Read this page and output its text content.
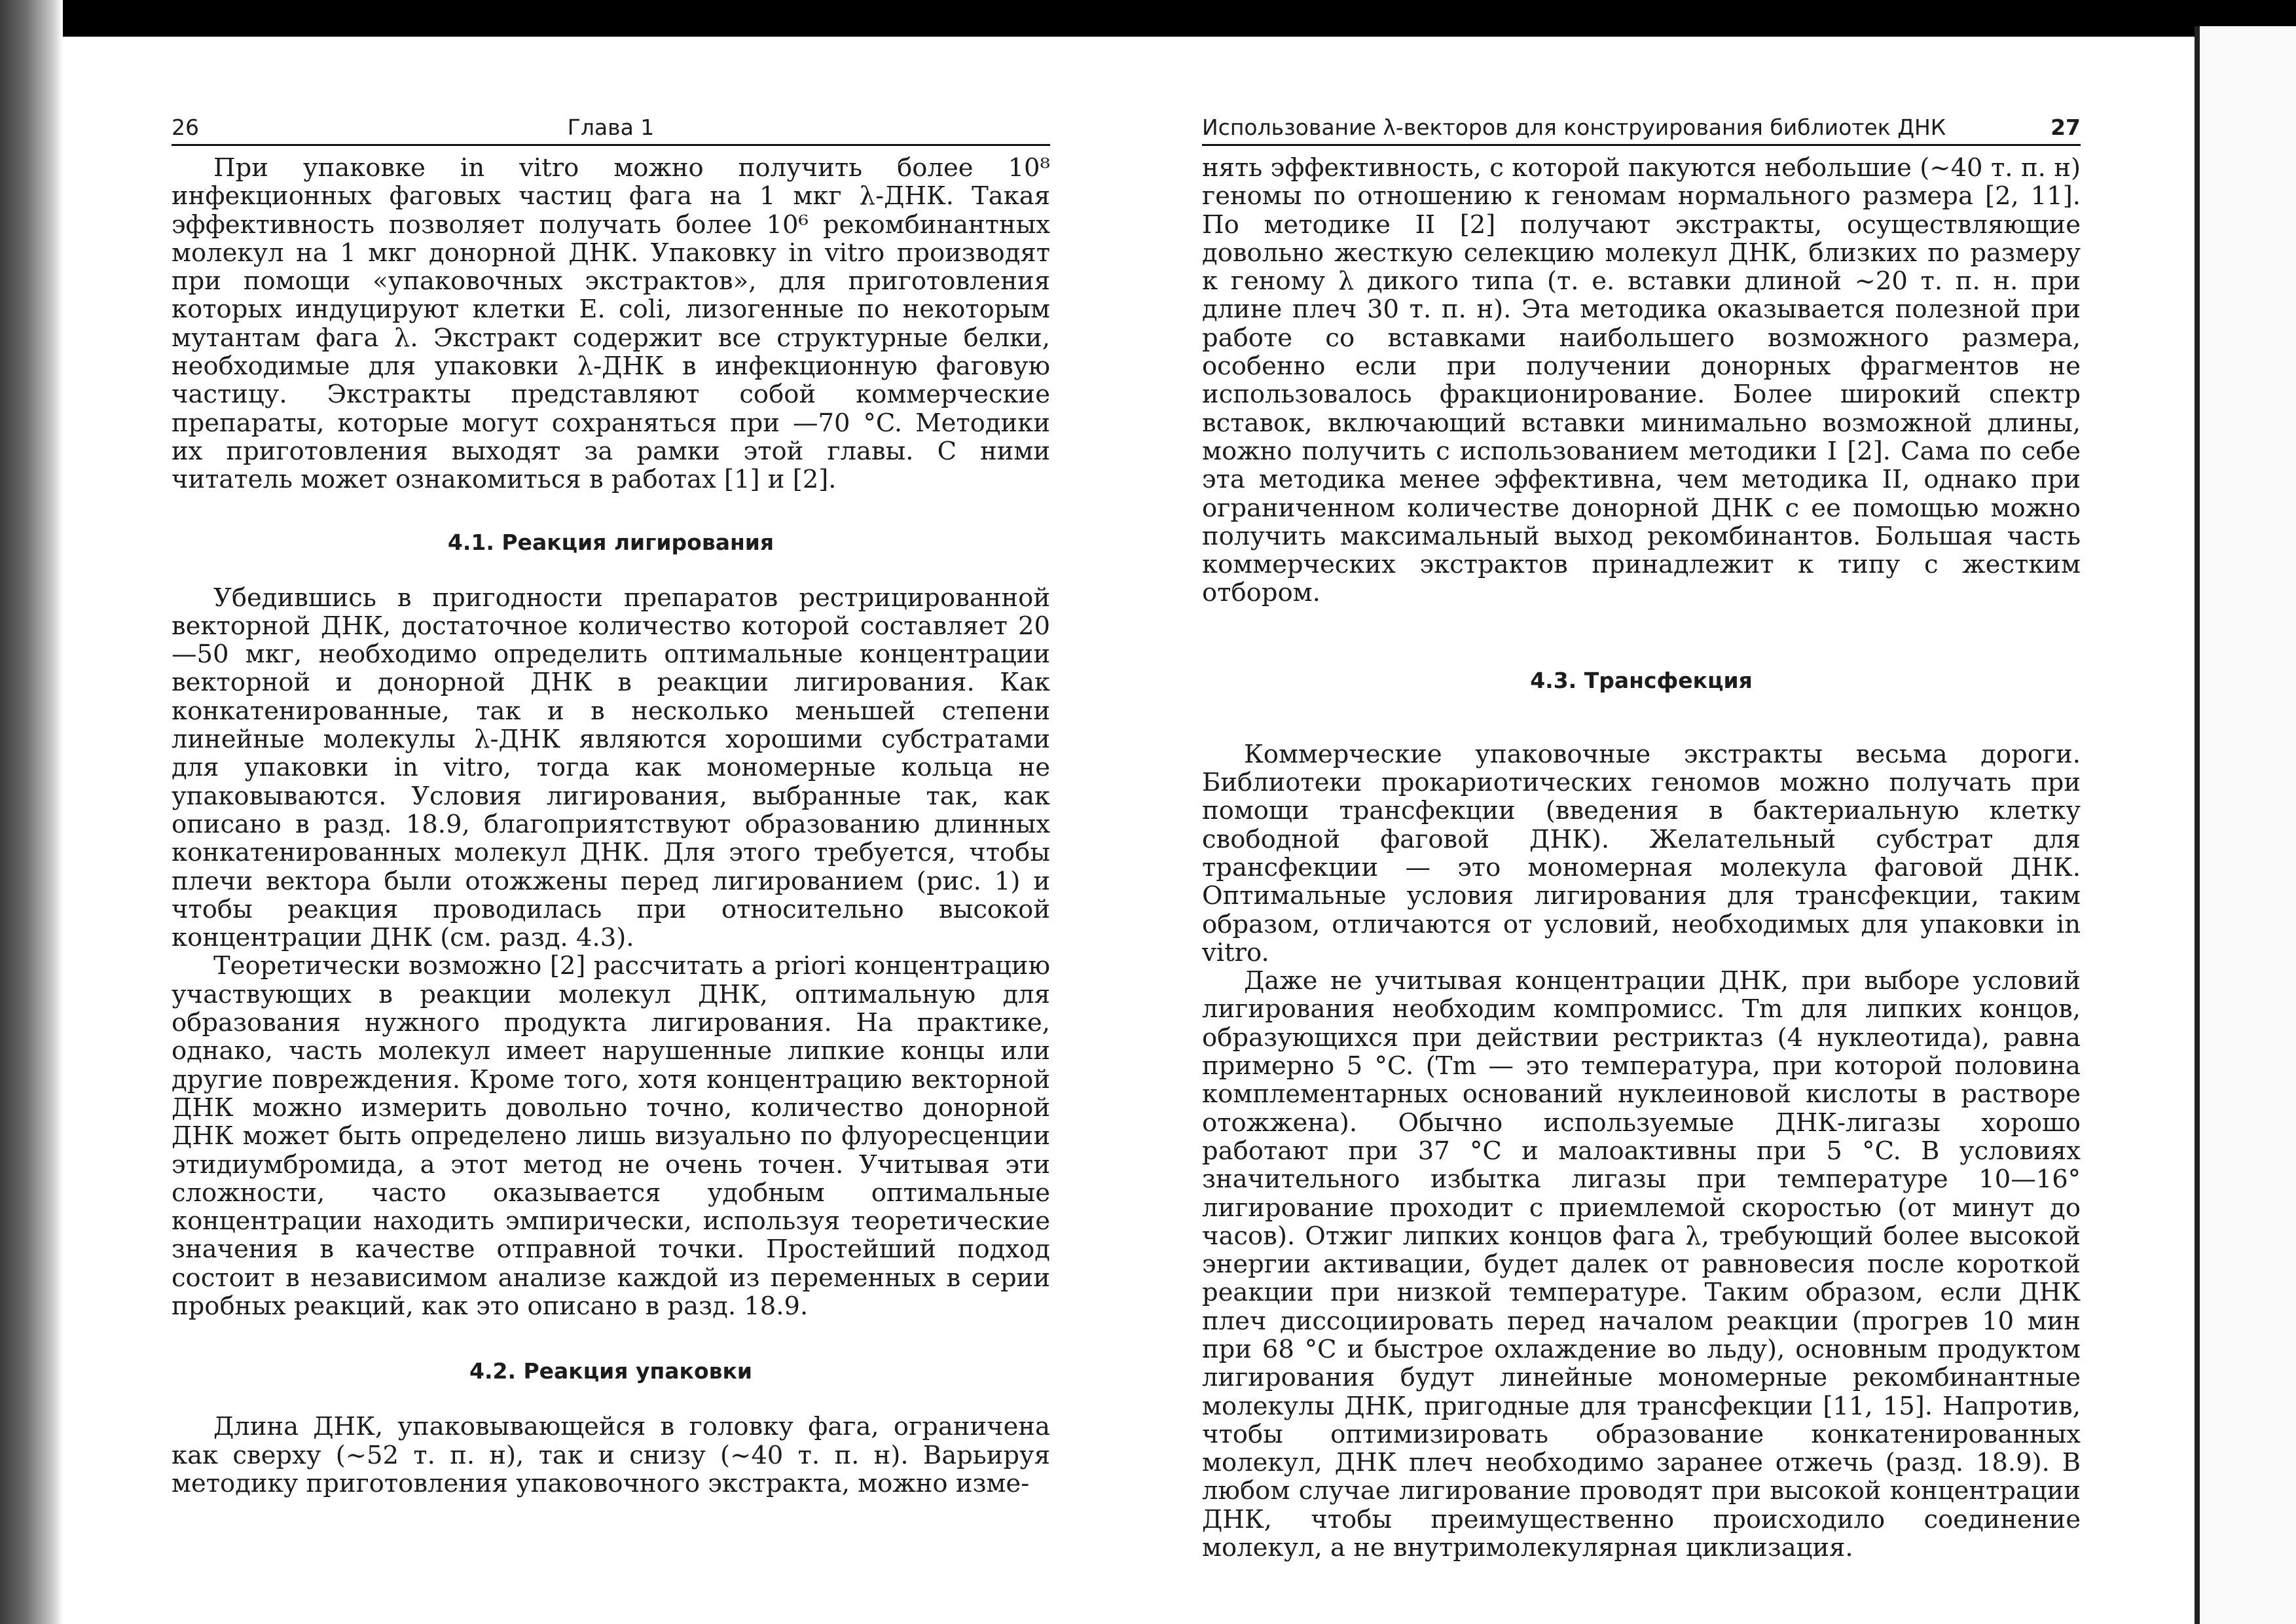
26	Глава 1

При упаковке in vitro можно получить более 10⁸ инфекционных фаговых частиц фага на 1 мкг λ-ДНК. Такая эффективность позволяет получать более 10⁶ рекомбинантных молекул на 1 мкг донорной ДНК. Упаковку in vitro производят при помощи «упаковочных экстрактов», для приготовления которых индуцируют клетки E. coli, лизогенные по некоторым мутантам фага λ. Экстракт содержит все структурные белки, необходимые для упаковки λ-ДНК в инфекционную фаговую частицу. Экстракты представляют собой коммерческие препараты, которые могут сохраняться при —70 °C. Методики их приготовления выходят за рамки этой главы. С ними читатель может ознакомиться в работах [1] и [2].

4.1. Реакция лигирования

Убедившись в пригодности препаратов рестрицированной векторной ДНК, достаточное количество которой составляет 20—50 мкг, необходимо определить оптимальные концентрации векторной и донорной ДНК в реакции лигирования. Как конкатенированные, так и в несколько меньшей степени линейные молекулы λ-ДНК являются хорошими субстратами для упаковки in vitro, тогда как мономерные кольца не упаковываются. Условия лигирования, выбранные так, как описано в разд. 18.9, благоприятствуют образованию длинных конкатенированных молекул ДНК. Для этого требуется, чтобы плечи вектора были отожжены перед лигированием (рис. 1) и чтобы реакция проводилась при относительно высокой концентрации ДНК (см. разд. 4.3).

Теоретически возможно [2] рассчитать a priori концентрацию участвующих в реакции молекул ДНК, оптимальную для образования нужного продукта лигирования. На практике, однако, часть молекул имеет нарушенные липкие концы или другие повреждения. Кроме того, хотя концентрацию векторной ДНК можно измерить довольно точно, количество донорной ДНК может быть определено лишь визуально по флуоресценции этидиумбромида, а этот метод не очень точен. Учитывая эти сложности, часто оказывается удобным оптимальные концентрации находить эмпирически, используя теоретические значения в качестве отправной точки. Простейший подход состоит в независимом анализе каждой из переменных в серии пробных реакций, как это описано в разд. 18.9.

4.2. Реакция упаковки

Длина ДНК, упаковывающейся в головку фага, ограничена как сверху (~52 т. п. н), так и снизу (~40 т. п. н). Варьируя методику приготовления упаковочного экстракта, можно изме-

Использование λ-векторов для конструирования библиотек ДНК	27

нять эффективность, с которой пакуются небольшие (~40 т. п. н) геномы по отношению к геномам нормального размера [2, 11]. По методике II [2] получают экстракты, осуществляющие довольно жесткую селекцию молекул ДНК, близких по размеру к геному λ дикого типа (т. е. вставки длиной ~20 т. п. н. при длине плеч 30 т. п. н). Эта методика оказывается полезной при работе со вставками наибольшего возможного размера, особенно если при получении донорных фрагментов не использовалось фракционирование. Более широкий спектр вставок, включающий вставки минимально возможной длины, можно получить с использованием методики I [2]. Сама по себе эта методика менее эффективна, чем методика II, однако при ограниченном количестве донорной ДНК с ее помощью можно получить максимальный выход рекомбинантов. Большая часть коммерческих экстрактов принадлежит к типу с жестким отбором.

4.3. Трансфекция

Коммерческие упаковочные экстракты весьма дороги. Библиотеки прокариотических геномов можно получать при помощи трансфекции (введения в бактериальную клетку свободной фаговой ДНК). Желательный субстрат для трансфекции — это мономерная молекула фаговой ДНК. Оптимальные условия лигирования для трансфекции, таким образом, отличаются от условий, необходимых для упаковки in vitro.

Даже не учитывая концентрации ДНК, при выборе условий лигирования необходим компромисс. Tm для липких концов, образующихся при действии рестриктаз (4 нуклеотида), равна примерно 5 °C. (Tm — это температура, при которой половина комплементарных оснований нуклеиновой кислоты в растворе отожжена). Обычно используемые ДНК-лигазы хорошо работают при 37 °C и малоактивны при 5 °C. В условиях значительного избытка лигазы при температуре 10—16° лигирование проходит с приемлемой скоростью (от минут до часов). Отжиг липких концов фага λ, требующий более высокой энергии активации, будет далек от равновесия после короткой реакции при низкой температуре. Таким образом, если ДНК плеч диссоциировать перед началом реакции (прогрев 10 мин при 68 °C и быстрое охлаждение во льду), основным продуктом лигирования будут линейные мономерные рекомбинантные молекулы ДНК, пригодные для трансфекции [11, 15]. Напротив, чтобы оптимизировать образование конкатенированных молекул, ДНК плеч необходимо заранее отжечь (разд. 18.9). В любом случае лигирование проводят при высокой концентрации ДНК, чтобы преимущественно происходило соединение молекул, а не внутримолекулярная циклизация.
